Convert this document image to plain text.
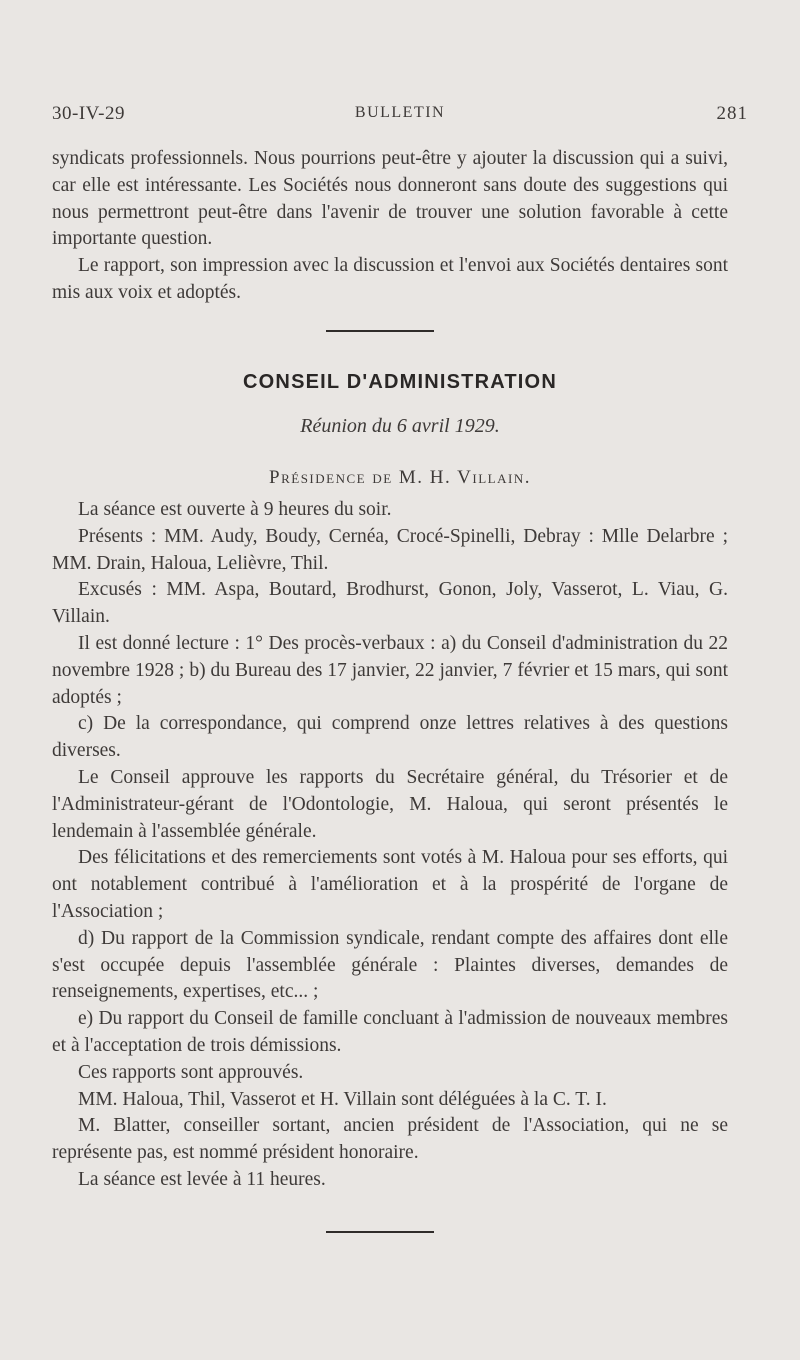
30-IV-29	BULLETIN	281

syndicats professionnels. Nous pourrions peut-être y ajouter la discussion qui a suivi, car elle est intéressante. Les Sociétés nous donneront sans doute des suggestions qui nous permettront peut-être dans l'avenir de trouver une solution favorable à cette importante question.

Le rapport, son impression avec la discussion et l'envoi aux Sociétés dentaires sont mis aux voix et adoptés.

CONSEIL D'ADMINISTRATION
Réunion du 6 avril 1929.
Présidence de M. H. Villain.

La séance est ouverte à 9 heures du soir.

Présents : MM. Audy, Boudy, Cernéa, Crocé-Spinelli, Debray : Mlle Delarbre ; MM. Drain, Haloua, Lelièvre, Thil.

Excusés : MM. Aspa, Boutard, Brodhurst, Gonon, Joly, Vasserot, L. Viau, G. Villain.

Il est donné lecture : 1° Des procès-verbaux : a) du Conseil d'administration du 22 novembre 1928 ; b) du Bureau des 17 janvier, 22 janvier, 7 février et 15 mars, qui sont adoptés ;

c) De la correspondance, qui comprend onze lettres relatives à des questions diverses.

Le Conseil approuve les rapports du Secrétaire général, du Trésorier et de l'Administrateur-gérant de l'Odontologie, M. Haloua, qui seront présentés le lendemain à l'assemblée générale.

Des félicitations et des remerciements sont votés à M. Haloua pour ses efforts, qui ont notablement contribué à l'amélioration et à la prospérité de l'organe de l'Association ;

d) Du rapport de la Commission syndicale, rendant compte des affaires dont elle s'est occupée depuis l'assemblée générale : Plaintes diverses, demandes de renseignements, expertises, etc... ;

e) Du rapport du Conseil de famille concluant à l'admission de nouveaux membres et à l'acceptation de trois démissions.

Ces rapports sont approuvés.

MM. Haloua, Thil, Vasserot et H. Villain sont déléguées à la C. T. I.

M. Blatter, conseiller sortant, ancien président de l'Association, qui ne se représente pas, est nommé président honoraire.

La séance est levée à 11 heures.
